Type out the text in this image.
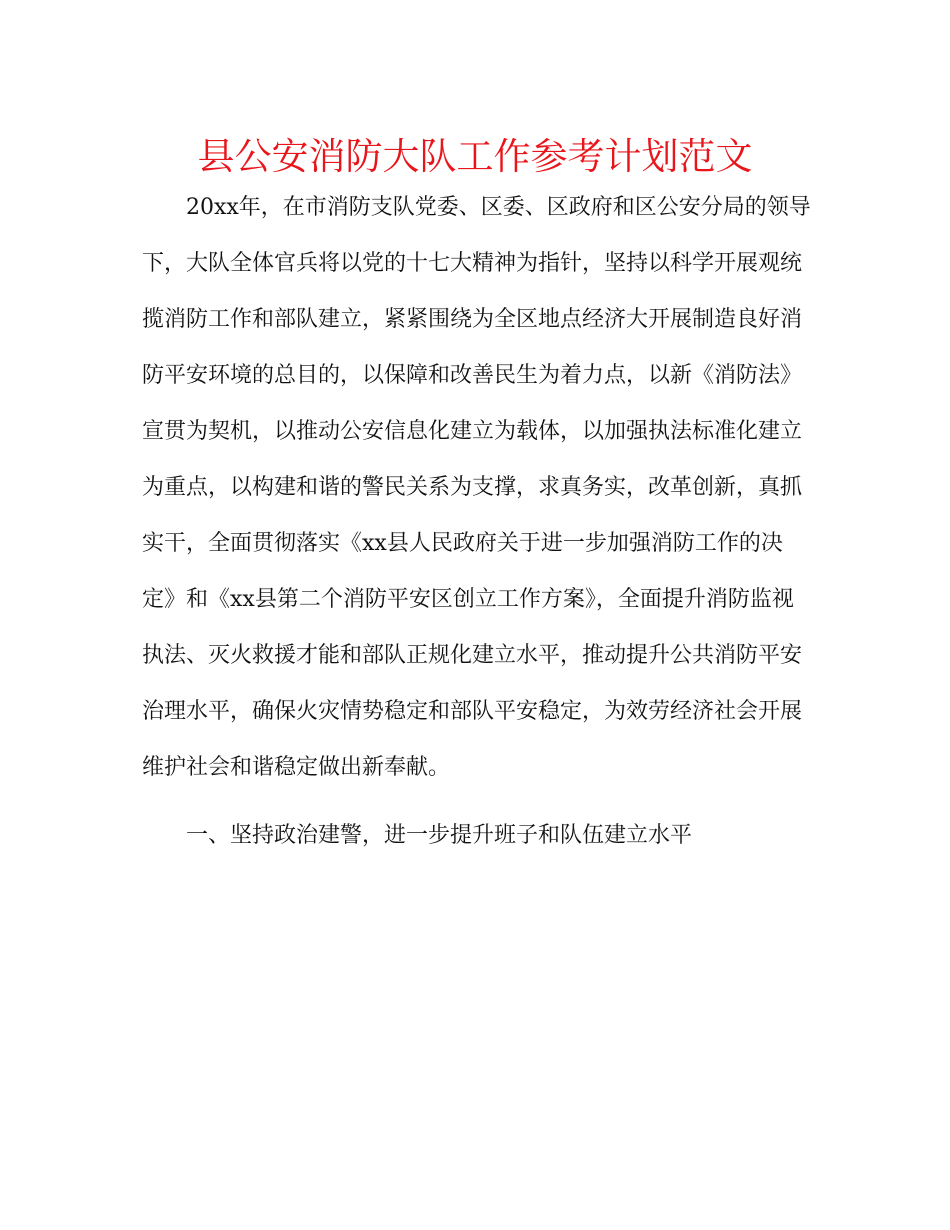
县公安消防大队工作参考计划范文
20xx年，在市消防支队党委、区委、区政府和区公安分局的领导
下，大队全体官兵将以党的十七大精神为指针，坚持以科学开展观统
揽消防工作和部队建立，紧紧围绕为全区地点经济大开展制造良好消
防平安环境的总目的，以保障和改善民生为着力点，以新《消防法》
宣贯为契机，以推动公安信息化建立为载体，以加强执法标准化建立
为重点，以构建和谐的警民关系为支撑，求真务实，改革创新，真抓
实干，全面贯彻落实《xx县人民政府关于进一步加强消防工作的决
定》和《xx县第二个消防平安区创立工作方案》，全面提升消防监视
执法、灭火救援才能和部队正规化建立水平，推动提升公共消防平安
治理水平，确保火灾情势稳定和部队平安稳定，为效劳经济社会开展
维护社会和谐稳定做出新奉献。
一、坚持政治建警，进一步提升班子和队伍建立水平
